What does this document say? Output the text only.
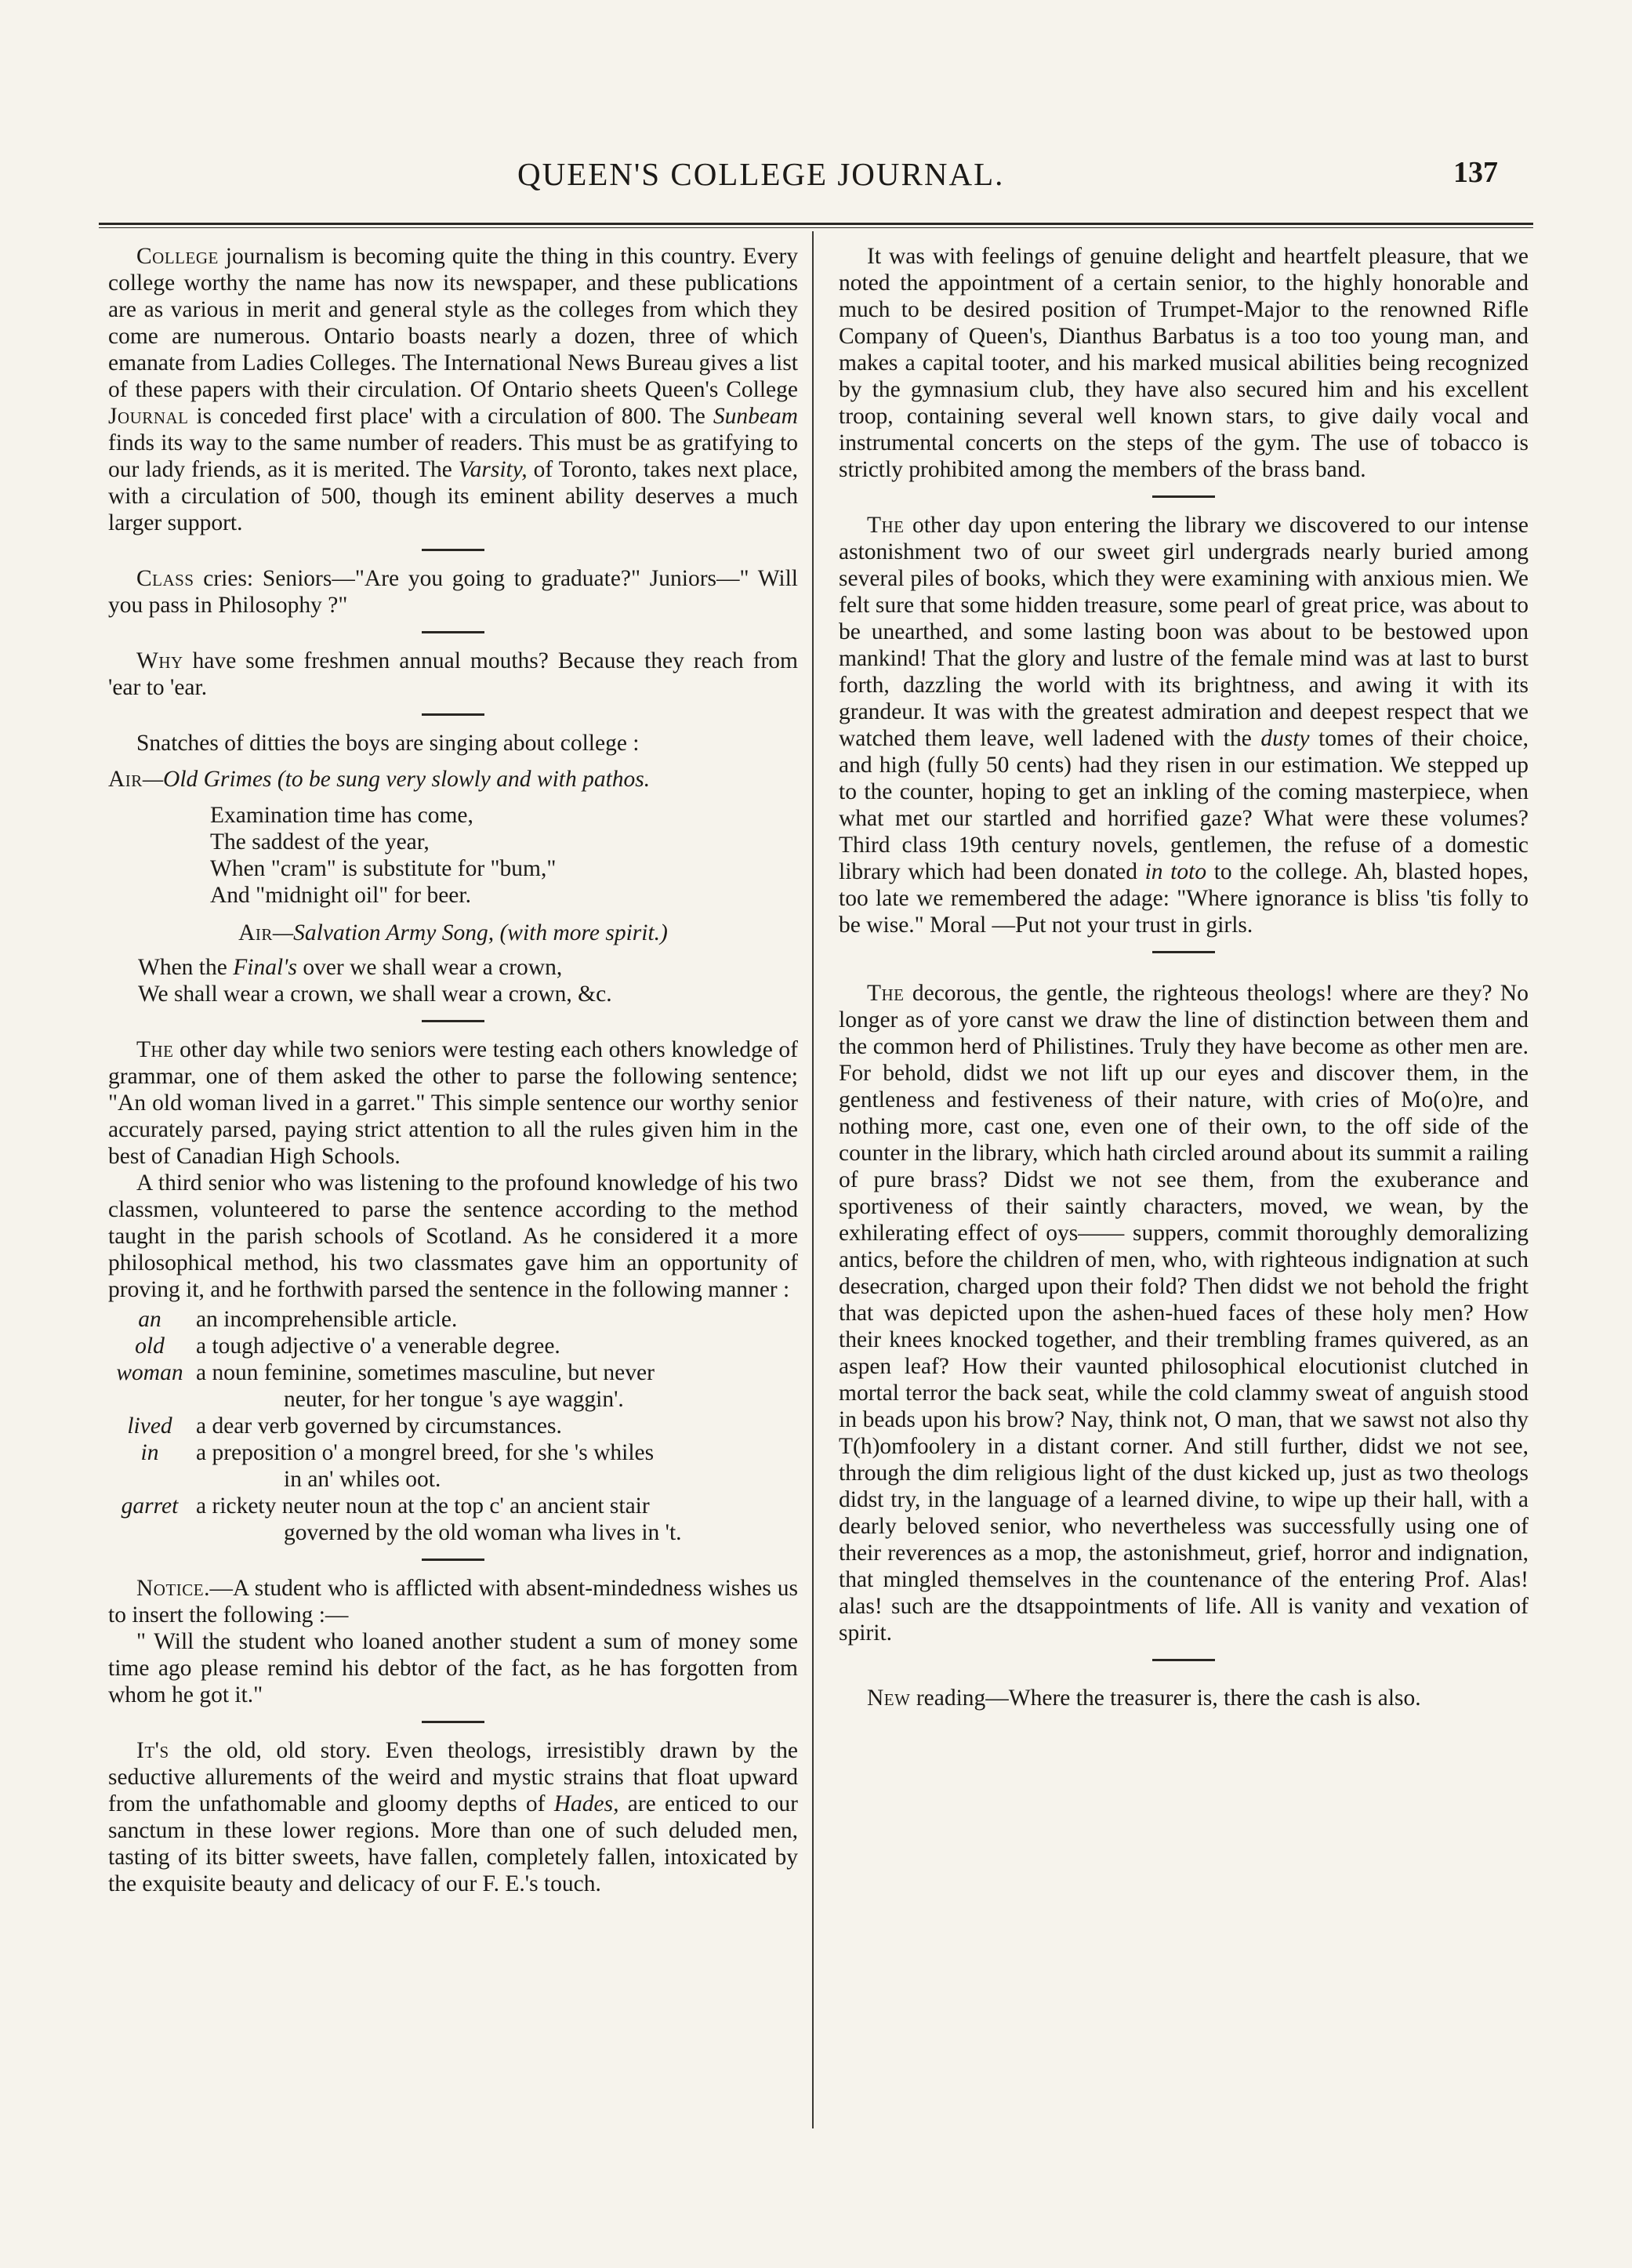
QUEEN'S COLLEGE JOURNAL.	137

College journalism is becoming quite the thing in this country. Every college worthy the name has now its newspaper, and these publications are as various in merit and general style as the colleges from which they come are numerous. Ontario boasts nearly a dozen, three of which emanate from Ladies Colleges. The International News Bureau gives a list of these papers with their circulation. Of Ontario sheets Queen's College Journal is conceded first place' with a circulation of 800. The Sunbeam finds its way to the same number of readers. This must be as gratifying to our lady friends, as it is merited. The Varsity, of Toronto, takes next place, with a circulation of 500, though its eminent ability deserves a much larger support.

Class cries: Seniors—"Are you going to graduate?" Juniors—" Will you pass in Philosophy ?"

Why have some freshmen annual mouths? Because they reach from 'ear to 'ear.

Snatches of ditties the boys are singing about college :

Air—Old Grimes (to be sung very slowly and with pathos.
Examination time has come,
The saddest of the year,
When "cram" is substitute for "bum,"
And "midnight oil" for beer.
Air—Salvation Army Song, (with more spirit.)
When the Final's over we shall wear a crown,
We shall wear a crown, we shall wear a crown, &c.

The other day while two seniors were testing each others knowledge of grammar, one of them asked the other to parse the following sentence; "An old woman lived in a garret." This simple sentence our worthy senior accurately parsed, paying strict attention to all the rules given him in the best of Canadian High Schools.

A third senior who was listening to the profound knowledge of his two classmen, volunteered to parse the sentence according to the method taught in the parish schools of Scotland. As he considered it a more philosophical method, his two classmates gave him an opportunity of proving it, and he forthwith parsed the sentence in the following manner :

an	an incomprehensible article.
old	a tough adjective o' a venerable degree.
woman	a noun feminine, sometimes masculine, but never
neuter, for her tongue 's aye waggin'.
lived	a dear verb governed by circumstances.
in	a preposition o' a mongrel breed, for she 's whiles
in an' whiles oot.
garret	a rickety neuter noun at the top c' an ancient stair
governed by the old woman wha lives in 't.

Notice.—A student who is afflicted with absent-mindedness wishes us to insert the following :—

" Will the student who loaned another student a sum of money some time ago please remind his debtor of the fact, as he has forgotten from whom he got it."

It's the old, old story. Even theologs, irresistibly drawn by the seductive allurements of the weird and mystic strains that float upward from the unfathomable and gloomy depths of Hades, are enticed to our sanctum in these lower regions. More than one of such deluded men, tasting of its bitter sweets, have fallen, completely fallen, intoxicated by the exquisite beauty and delicacy of our F. E.'s touch.

It was with feelings of genuine delight and heartfelt pleasure, that we noted the appointment of a certain senior, to the highly honorable and much to be desired position of Trumpet-Major to the renowned Rifle Company of Queen's, Dianthus Barbatus is a too too young man, and makes a capital tooter, and his marked musical abilities being recognized by the gymnasium club, they have also secured him and his excellent troop, containing several well known stars, to give daily vocal and instrumental concerts on the steps of the gym. The use of tobacco is strictly prohibited among the members of the brass band.

The other day upon entering the library we discovered to our intense astonishment two of our sweet girl undergrads nearly buried among several piles of books, which they were examining with anxious mien. We felt sure that some hidden treasure, some pearl of great price, was about to be unearthed, and some lasting boon was about to be bestowed upon mankind! That the glory and lustre of the female mind was at last to burst forth, dazzling the world with its brightness, and awing it with its grandeur. It was with the greatest admiration and deepest respect that we watched them leave, well ladened with the dusty tomes of their choice, and high (fully 50 cents) had they risen in our estimation. We stepped up to the counter, hoping to get an inkling of the coming masterpiece, when what met our startled and horrified gaze? What were these volumes? Third class 19th century novels, gentlemen, the refuse of a domestic library which had been donated in toto to the college. Ah, blasted hopes, too late we remembered the adage: "Where ignorance is bliss 'tis folly to be wise." Moral —Put not your trust in girls.

The decorous, the gentle, the righteous theologs! where are they? No longer as of yore canst we draw the line of distinction between them and the common herd of Philistines. Truly they have become as other men are. For behold, didst we not lift up our eyes and discover them, in the gentleness and festiveness of their nature, with cries of Mo(o)re, and nothing more, cast one, even one of their own, to the off side of the counter in the library, which hath circled around about its summit a railing of pure brass? Didst we not see them, from the exuberance and sportiveness of their saintly characters, moved, we wean, by the exhilerating effect of oys—— suppers, commit thoroughly demoralizing antics, before the children of men, who, with righteous indignation at such desecration, charged upon their fold? Then didst we not behold the fright that was depicted upon the ashen-hued faces of these holy men? How their knees knocked together, and their trembling frames quivered, as an aspen leaf? How their vaunted philosophical elocutionist clutched in mortal terror the back seat, while the cold clammy sweat of anguish stood in beads upon his brow? Nay, think not, O man, that we sawst not also thy T(h)omfoolery in a distant corner. And still further, didst we not see, through the dim religious light of the dust kicked up, just as two theologs didst try, in the language of a learned divine, to wipe up their hall, with a dearly beloved senior, who nevertheless was successfully using one of their reverences as a mop, the astonishmeut, grief, horror and indignation, that mingled themselves in the countenance of the entering Prof. Alas! alas! such are the dtsappointments of life. All is vanity and vexation of spirit.

New reading—Where the treasurer is, there the cash is also.
